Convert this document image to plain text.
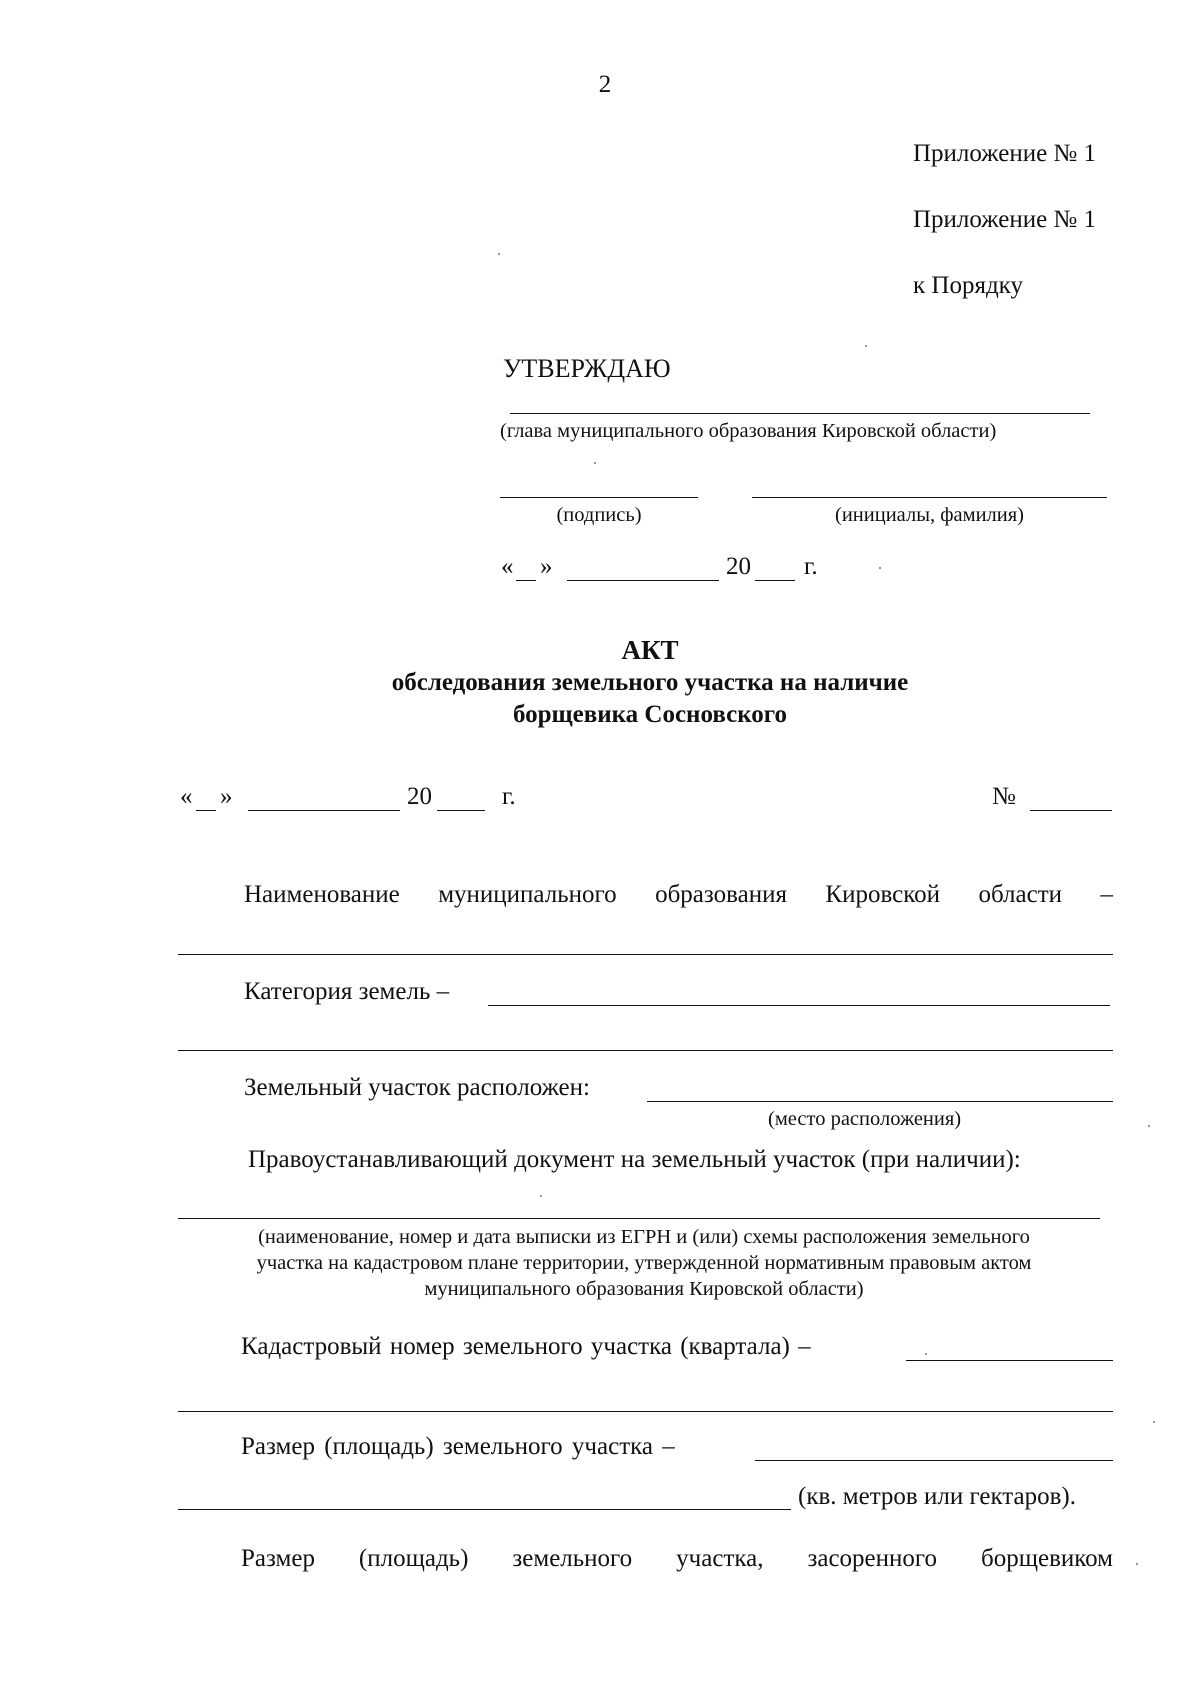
2
Приложение № 1
Приложение № 1
к Порядку
УТВЕРЖДАЮ
(глава муниципального образования Кировской области)
(подпись)	(инициалы, фамилия)
« »	20 г.
АКТ
обследования земельного участка на наличие
борщевика Сосновского
« »	20	г.	№
Наименование муниципального образования Кировской области –
Категория земель –
Земельный участок расположен:
(место расположения)
Правоустанавливающий документ на земельный участок (при наличии):
(наименование, номер и дата выписки из ЕГРН и (или) схемы расположения земельного
участка на кадастровом плане территории, утвержденной нормативным правовым актом
муниципального образования Кировской области)
Кадастровый номер земельного участка (квартала) –
Размер (площадь) земельного участка –
(кв. метров или гектаров).
Размер (площадь) земельного участка, засоренного борщевиком
